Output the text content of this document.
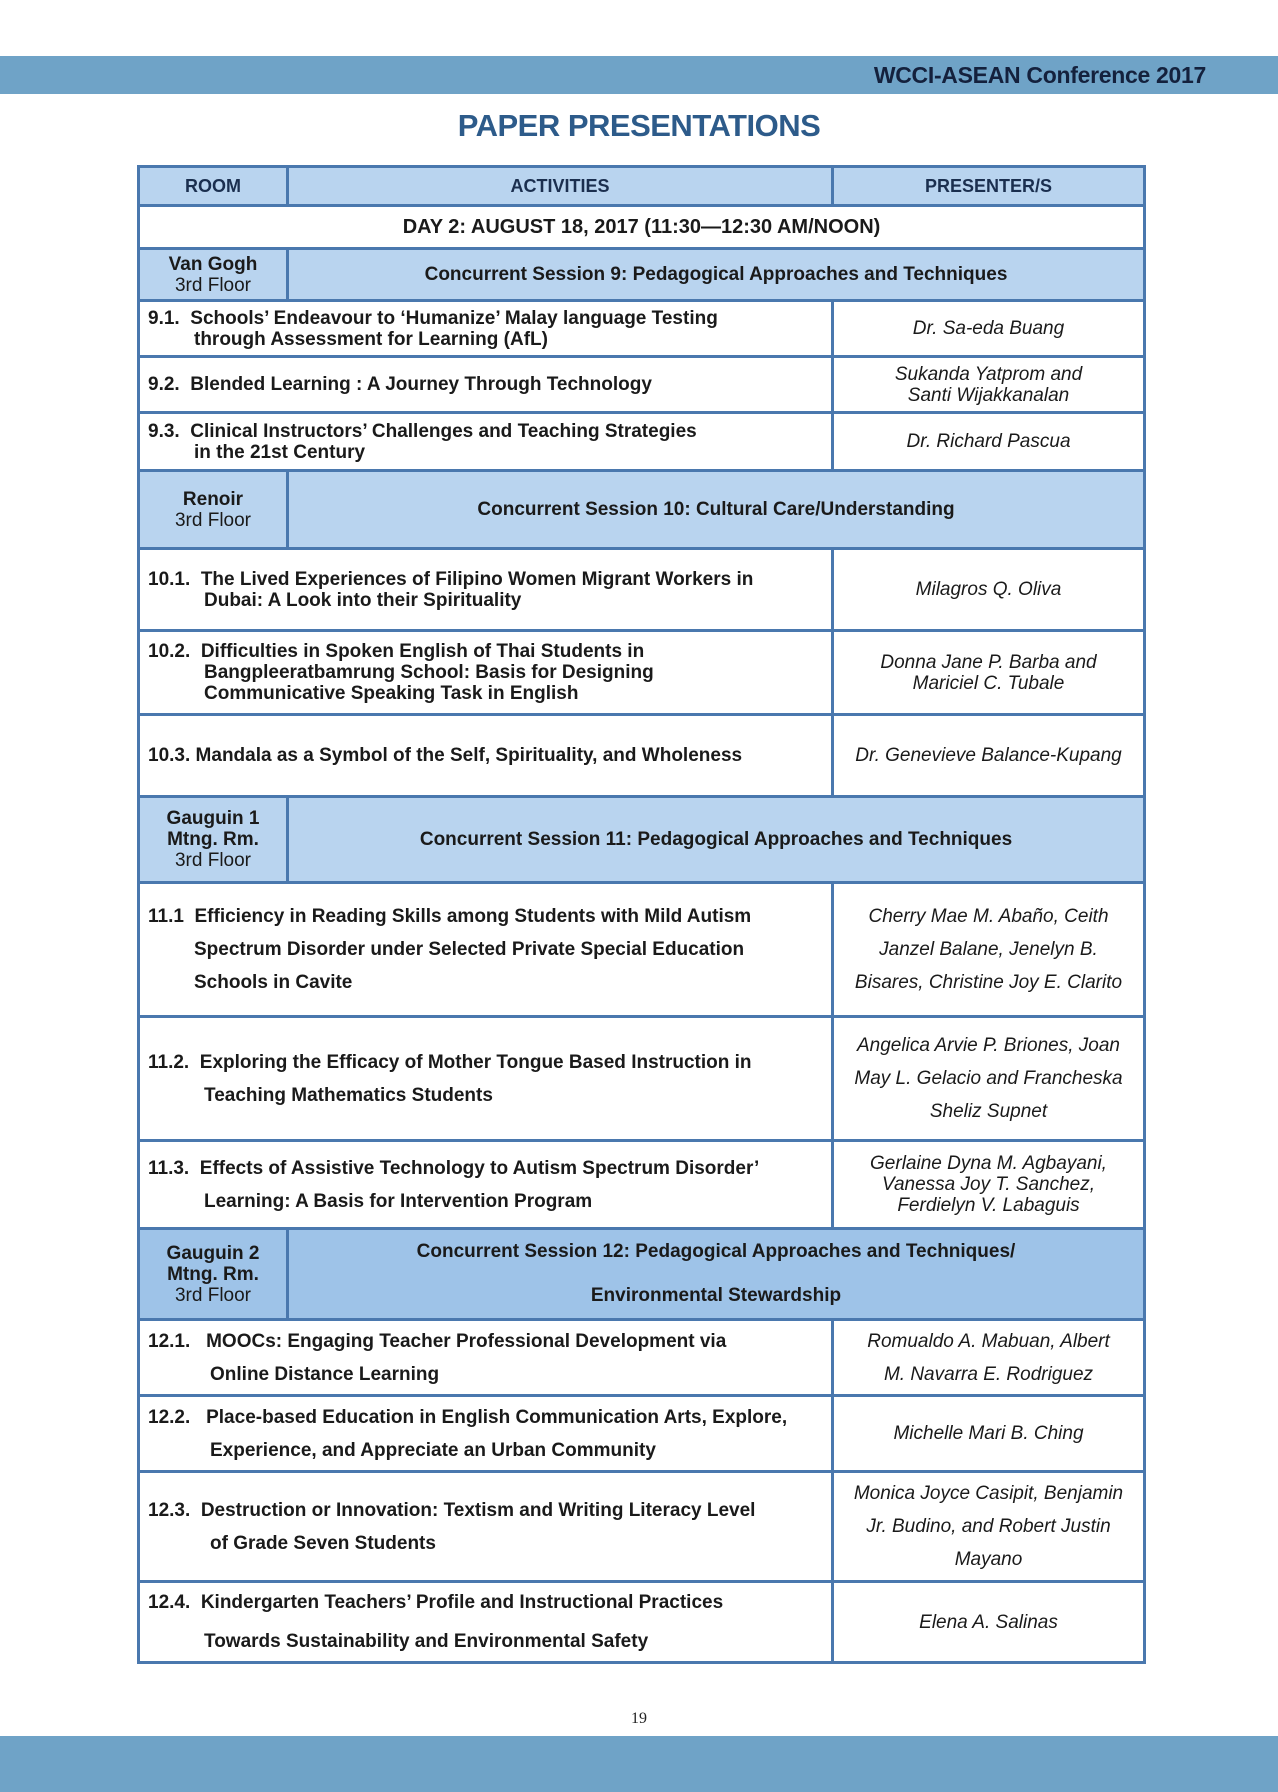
WCCI-ASEAN Conference 2017
PAPER PRESENTATIONS
ROOM	ACTIVITIES	PRESENTER/S
DAY 2: AUGUST 18, 2017 (11:30—12:30 AM/NOON)		

Van Gogh
3rd Floor	Concurrent Session 9: Pedagogical Approaches and Techniques	
9.1. Schools’ Endeavour to ‘Humanize’ Malay language Testing
through Assessment for Learning (AfL)		Dr. Sa-eda Buang
9.2. Blended Learning : A Journey Through Technology		Sukanda Yatprom and
Santi Wijakkanalan

9.3. Clinical Instructors’ Challenges and Teaching Strategies
in the 21st Century		Dr. Richard Pascua

Renoir
3rd Floor	Concurrent Session 10: Cultural Care/Understanding	
10.1. The Lived Experiences of Filipino Women Migrant Workers in
Dubai: A Look into their Spirituality		Milagros Q. Oliva
10.2. Difficulties in Spoken English of Thai Students in
Bangpleeratbamrung School: Basis for Designing
Communicative Speaking Task in English		Donna Jane P. Barba and
Mariciel C. Tubale

10.3. Mandala as a Symbol of the Self, Spirituality, and Wholeness		Dr. Genevieve Balance-Kupang

Gauguin 1
Mtng. Rm.
3rd Floor	Concurrent Session 11: Pedagogical Approaches and Techniques	
11.1 Efficiency in Reading Skills among Students with Mild Autism
Spectrum Disorder under Selected Private Special Education
Schools in Cavite		Cherry Mae M. Abaño, Ceith
Janzel Balane, Jenelyn B.
Bisares, Christine Joy E. Clarito

11.2. Exploring the Efficacy of Mother Tongue Based Instruction in
Teaching Mathematics Students		Angelica Arvie P. Briones, Joan
May L. Gelacio and Francheska
Sheliz Supnet

11.3. Effects of Assistive Technology to Autism Spectrum Disorder’
Learning: A Basis for Intervention Program		Gerlaine Dyna M. Agbayani,
Vanessa Joy T. Sanchez,
Ferdielyn V. Labaguis

Gauguin 2
Mtng. Rm.
3rd Floor	Concurrent Session 12: Pedagogical Approaches and Techniques/
Environmental Stewardship	

12.1. MOOCs: Engaging Teacher Professional Development via
Online Distance Learning		Romualdo A. Mabuan, Albert
M. Navarra E. Rodriguez

12.2. Place-based Education in English Communication Arts, Explore,
Experience, and Appreciate an Urban Community		Michelle Mari B. Ching
12.3. Destruction or Innovation: Textism and Writing Literacy Level
of Grade Seven Students		Monica Joyce Casipit, Benjamin
Jr. Budino, and Robert Justin
Mayano

12.4. Kindergarten Teachers’ Profile and Instructional Practices
Towards Sustainability and Environmental Safety		Elena A. Salinas
19
